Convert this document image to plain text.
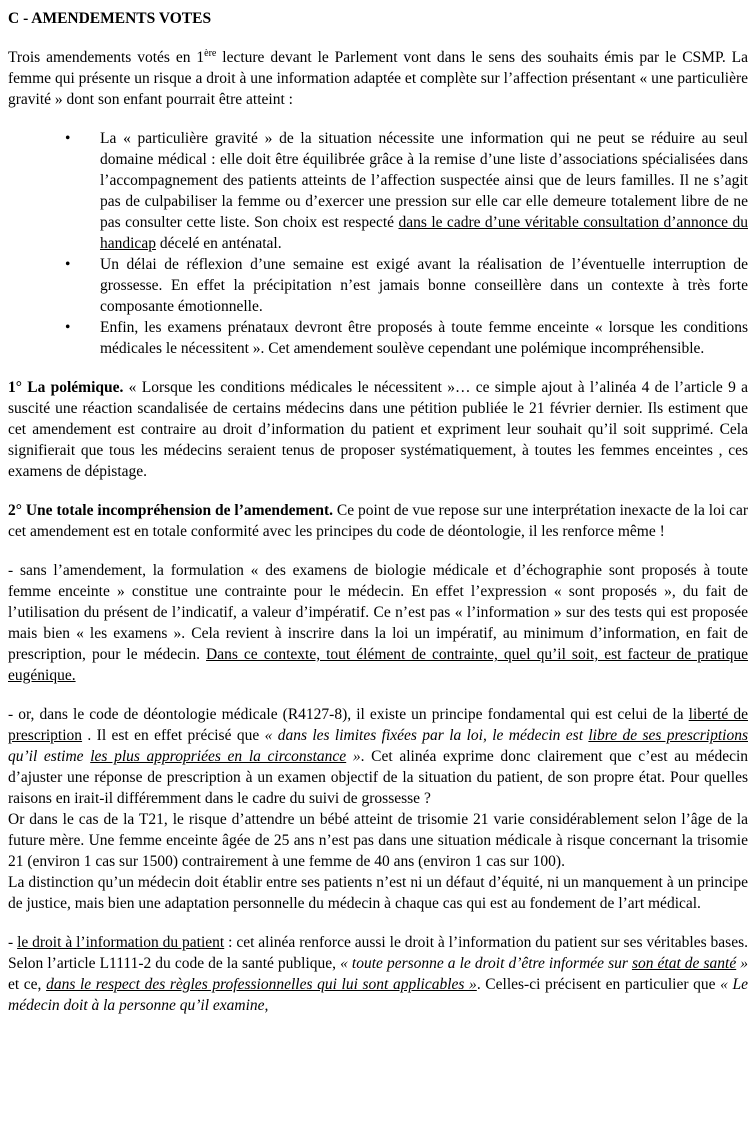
C - AMENDEMENTS VOTES

Trois amendements votés en 1ère lecture devant le Parlement vont dans le sens des souhaits émis par le CSMP. La femme qui présente un risque a droit à une information adaptée et complète sur l’affection présentant « une particulière gravité » dont son enfant pourrait être atteint :

• La « particulière gravité » de la situation nécessite une information qui ne peut se réduire au seul domaine médical : elle doit être équilibrée grâce à la remise d’une liste d’associations spécialisées dans l’accompagnement des patients atteints de l’affection suspectée ainsi que de leurs familles. Il ne s’agit pas de culpabiliser la femme ou d’exercer une pression sur elle car elle demeure totalement libre de ne pas consulter cette liste. Son choix est respecté dans le cadre d’une véritable consultation d’annonce du handicap décelé en anténatal.
• Un délai de réflexion d’une semaine est exigé avant la réalisation de l’éventuelle interruption de grossesse. En effet la précipitation n’est jamais bonne conseillère dans un contexte à très forte composante émotionnelle.
• Enfin, les examens prénataux devront être proposés à toute femme enceinte « lorsque les conditions médicales le nécessitent ». Cet amendement soulève cependant une polémique incompréhensible.

1° La polémique. « Lorsque les conditions médicales le nécessitent »… ce simple ajout à l’alinéa 4 de l’article 9 a suscité une réaction scandalisée de certains médecins dans une pétition publiée le 21 février dernier. Ils estiment que cet amendement est contraire au droit d’information du patient et expriment leur souhait qu’il soit supprimé. Cela signifierait que tous les médecins seraient tenus de proposer systématiquement, à toutes les femmes enceintes , ces examens de dépistage.

2° Une totale incompréhension de l’amendement. Ce point de vue repose sur une interprétation inexacte de la loi car cet amendement est en totale conformité avec les principes du code de déontologie, il les renforce même !

- sans l’amendement, la formulation « des examens de biologie médicale et d’échographie sont proposés à toute femme enceinte » constitue une contrainte pour le médecin. En effet l’expression « sont proposés », du fait de l’utilisation du présent de l’indicatif, a valeur d’impératif. Ce n’est pas « l’information » sur des tests qui est proposée mais bien « les examens ». Cela revient à inscrire dans la loi un impératif, au minimum d’information, en fait de prescription, pour le médecin. Dans ce contexte, tout élément de contrainte, quel qu’il soit, est facteur de pratique eugénique.

- or, dans le code de déontologie médicale (R4127-8), il existe un principe fondamental qui est celui de la liberté de prescription . Il est en effet précisé que « dans les limites fixées par la loi, le médecin est libre de ses prescriptions qu’il estime les plus appropriées en la circonstance ». Cet alinéa exprime donc clairement que c’est au médecin d’ajuster une réponse de prescription à un examen objectif de la situation du patient, de son propre état. Pour quelles raisons en irait-il différemment dans le cadre du suivi de grossesse ?

Or dans le cas de la T21, le risque d’attendre un bébé atteint de trisomie 21 varie considérablement selon l’âge de la future mère. Une femme enceinte âgée de 25 ans n’est pas dans une situation médicale à risque concernant la trisomie 21 (environ 1 cas sur 1500) contrairement à une femme de 40 ans (environ 1 cas sur 100).

La distinction qu’un médecin doit établir entre ses patients n’est ni un défaut d’équité, ni un manquement à un principe de justice, mais bien une adaptation personnelle du médecin à chaque cas qui est au fondement de l’art médical.

- le droit à l’information du patient : cet alinéa renforce aussi le droit à l’information du patient sur ses véritables bases. Selon l’article L1111-2 du code de la santé publique, « toute personne a le droit d’être informée sur son état de santé » et ce, dans le respect des règles professionnelles qui lui sont applicables ». Celles-ci précisent en particulier que « Le médecin doit à la personne qu’il examine,
